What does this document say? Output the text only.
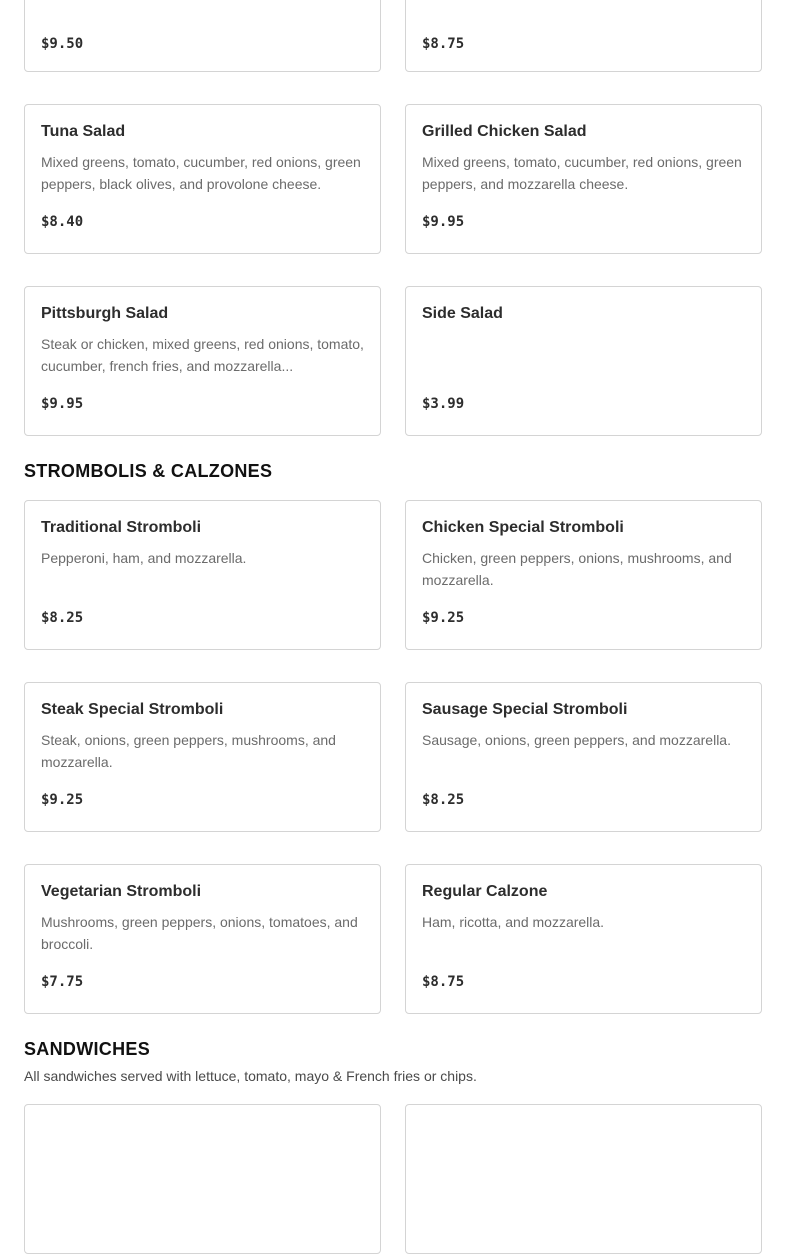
$9.50	$8.75
Tuna Salad
Mixed greens, tomato, cucumber, red onions, green peppers, black olives, and provolone cheese.
$8.40
Grilled Chicken Salad
Mixed greens, tomato, cucumber, red onions, green peppers, and mozzarella cheese.
$9.95
Pittsburgh Salad
Steak or chicken, mixed greens, red onions, tomato, cucumber, french fries, and mozzarella...
$9.95
Side Salad
$3.99
STROMBOLIS & CALZONES
Traditional Stromboli
Pepperoni, ham, and mozzarella.
$8.25
Chicken Special Stromboli
Chicken, green peppers, onions, mushrooms, and mozzarella.
$9.25
Steak Special Stromboli
Steak, onions, green peppers, mushrooms, and mozzarella.
$9.25
Sausage Special Stromboli
Sausage, onions, green peppers, and mozzarella.
$8.25
Vegetarian Stromboli
Mushrooms, green peppers, onions, tomatoes, and broccoli.
$7.75
Regular Calzone
Ham, ricotta, and mozzarella.
$8.75
SANDWICHES

All sandwiches served with lettuce, tomato, mayo & French fries or chips.
